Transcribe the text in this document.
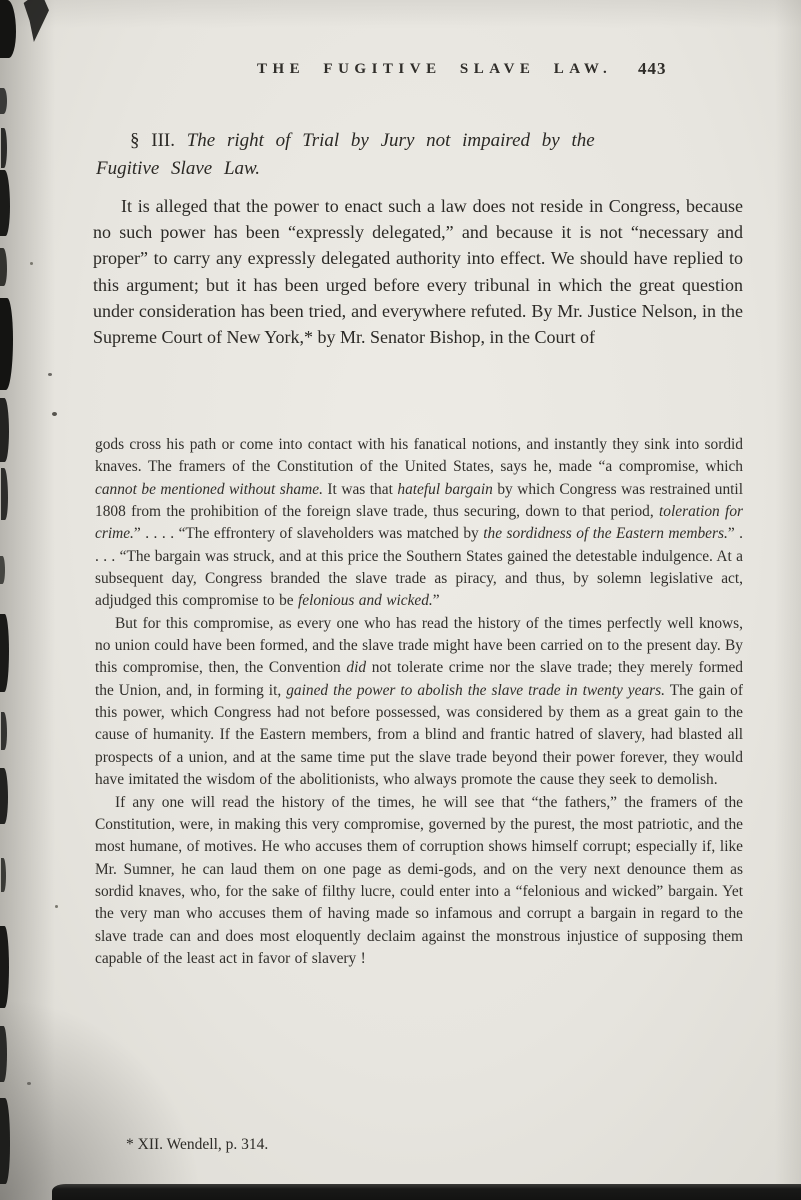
THE FUGITIVE SLAVE LAW. 443
§ III. The right of Trial by Jury not impaired by the
Fugitive Slave Law.

It is alleged that the power to enact such a law does not reside in Congress, because no such power has been “expressly delegated,” and because it is not “necessary and proper” to carry any expressly delegated authority into effect. We should have replied to this argument; but it has been urged before every tribunal in which the great question under consideration has been tried, and everywhere refuted. By Mr. Justice Nelson, in the Supreme Court of New York,* by Mr. Senator Bishop, in the Court of

gods cross his path or come into contact with his fanatical notions, and instantly they sink into sordid knaves. The framers of the Constitution of the United States, says he, made “a compromise, which cannot be mentioned without shame. It was that hateful bargain by which Congress was restrained until 1808 from the prohibition of the foreign slave trade, thus securing, down to that period, toleration for crime.” . . . . “The effrontery of slaveholders was matched by the sordidness of the Eastern members.” . . . . “The bargain was struck, and at this price the Southern States gained the detestable indulgence. At a subsequent day, Congress branded the slave trade as piracy, and thus, by solemn legislative act, adjudged this compromise to be felonious and wicked.”

But for this compromise, as every one who has read the history of the times perfectly well knows, no union could have been formed, and the slave trade might have been carried on to the present day. By this compromise, then, the Convention did not tolerate crime nor the slave trade; they merely formed the Union, and, in forming it, gained the power to abolish the slave trade in twenty years. The gain of this power, which Congress had not before possessed, was considered by them as a great gain to the cause of humanity. If the Eastern members, from a blind and frantic hatred of slavery, had blasted all prospects of a union, and at the same time put the slave trade beyond their power forever, they would have imitated the wisdom of the abolitionists, who always promote the cause they seek to demolish.

If any one will read the history of the times, he will see that “the fathers,” the framers of the Constitution, were, in making this very compromise, governed by the purest, the most patriotic, and the most humane, of motives. He who accuses them of corruption shows himself corrupt; especially if, like Mr. Sumner, he can laud them on one page as demi-gods, and on the very next denounce them as sordid knaves, who, for the sake of filthy lucre, could enter into a “felonious and wicked” bargain. Yet the very man who accuses them of having made so infamous and corrupt a bargain in regard to the slave trade can and does most eloquently declaim against the monstrous injustice of supposing them capable of the least act in favor of slavery !

* XII. Wendell, p. 314.
